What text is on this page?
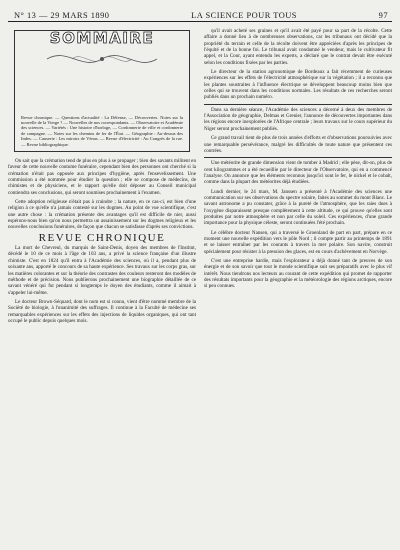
N° 13 — 29 MARS 1890	LA SCIENCE POUR TOUS	97
SOMMAIRE
Revue chronique. — Questions d'actualité : La Défense, — Découvertes. Notes sur la nouvelle de la Vierge ? — Nouvelles de nos correspondants. — Observatoire et Académie des sciences. — Variétés : Une histoire d'horloge, — Cordonnerie de ville et cordonnerie de campagne. — Notes sur les chemins de fer de l'État. — Géographie : Au-dessus des Indes. — Causerie : Les miroirs de Vénus. — Revue d'électricité : Au Congrès de la rue. — Revue bibliographique.

On sait que la crémation tend de plus en plus à se propager ; bien des savants militent en faveur de cette nouvelle coutume funéraire, cependant bien des personnes ont cherché si la crémation n'était pas opposée aux principes d'hygiène, après l'ensevelissement. Une commission a été nommée pour étudier la question ; elle se compose de médecins, de chimistes et de physiciens, et le rapport qu'elle doit déposer au Conseil municipal contiendra ses conclusions, qui seront soumises prochainement à l'examen.

Cette adoption religieuse n'était pas à craindre ; la nature, en ce cas-ci, est bien d'une religion à ce qu'elle n'a jamais contesté sur les dogmes. Au point de vue scientifique, c'est une autre chose : la crémation présente des avantages qu'il est difficile de nier, aussi espérons-nous bien qu'on nous permettra un assainissement sur les dogmes religieux et les nouvelles conclusions funéraires, de façon que chacun se satisfasse d'après ses convictions.

REVUE CHRONIQUE

La mort de Chevreul, du marquis de Saint-Denis, doyen des membres de l'Institut, décédé le 10 de ce mois à l'âge de 103 ans, a privé la science française d'un illustre chimiste. C'est en 1824 qu'il entra à l'Académie des sciences, où il a, pendant plus de soixante ans, apporté le concours de sa haute expérience. Ses travaux sur les corps gras, sur les matières colorantes et sur la théorie des contrastes des couleurs resteront des modèles de méthode et de précision. Nous publierons prochainement une biographie détaillée de ce savant vénéré qui fut pendant si longtemps le doyen des étudiants, comme il aimait à s'appeler lui-même.

Le docteur Brown-Séquard, dont le nom est si connu, vient d'être nommé membre de la Société de biologie, à l'unanimité des suffrages. Il continue à la Faculté de médecine ses remarquables expériences sur les effets des injections de liquides organiques, qui ont tant occupé le public depuis quelques mois.

qu'il avait acheté ses graines et qu'il avait été payé pour sa part de la récolte. Cette affaire a donné lieu à de nombreuses observations, car les tribunaux ont décidé que la propriété du terrain et celle de la récolte doivent être appréciées d'après les principes de l'équité et de la bonne foi. Le tribunal avait condamné le vendeur, mais le cultivateur fit appel, et la Cour, ayant entendu les experts, a déclaré que le contrat devait être exécuté selon les conditions fixées par les parties.

Le directeur de la station agronomique de Bordeaux a fait récemment de curieuses expériences sur les effets de l'électricité atmosphérique sur la végétation ; il a reconnu que les plantes soustraites à l'influence électrique se développent beaucoup moins bien que celles qui se trouvent dans les conditions normales. Les résultats de ces recherches seront publiés dans un prochain numéro.

Dans sa dernière séance, l'Académie des sciences a décerné à deux des membres de l'Association de géographie, Delmas et Grenier, l'annonce de découvertes importantes dans les régions encore inexplorées de l'Afrique centrale ; leurs travaux sur le cours supérieur du Niger seront prochainement publiés.

Ce grand travail tient de plus de trois années d'efforts et d'observations poursuivies avec une remarquable persévérance, malgré les difficultés de toute nature que présentent ces contrées.

Une météorite de grande dimension vient de tomber à Madrid ; elle pèse, dit-on, plus de cent kilogrammes et a été recueillie par le directeur de l'Observatoire, qui en a commencé l'analyse. On annonce que les éléments reconnus jusqu'ici sont le fer, le nickel et le cobalt, comme dans la plupart des météorites déjà étudiées.

Lundi dernier, le 24 mars, M. Janssen a présenté à l'Académie des sciences une communication sur ses observations du spectre solaire, faites au sommet du mont Blanc. Le savant astronome a pu constater, grâce à la pureté de l'atmosphère, que les raies dues à l'oxygène disparaissent presque complètement à cette altitude, ce qui prouve qu'elles sont produites par notre atmosphère et non par celle du soleil. Ces expériences, d'une grande importance pour la physique céleste, seront continuées l'été prochain.

Le célèbre docteur Nansen, qui a traversé le Groenland de part en part, prépare en ce moment une nouvelle expédition vers le pôle Nord ; il compte partir au printemps de 1891 et se laisser entraîner par les courants à travers la mer polaire. Son navire, construit spécialement pour résister à la pression des glaces, est en cours d'achèvement en Norvège.

C'est une entreprise hardie, mais l'explorateur a déjà donné tant de preuves de son énergie et de son savoir que tout le monde scientifique suit ses préparatifs avec le plus vif intérêt. Nous tiendrons nos lecteurs au courant de cette expédition qui promet de rapporter des résultats importants pour la géographie et la météorologie des régions arctiques, encore si peu connues.
